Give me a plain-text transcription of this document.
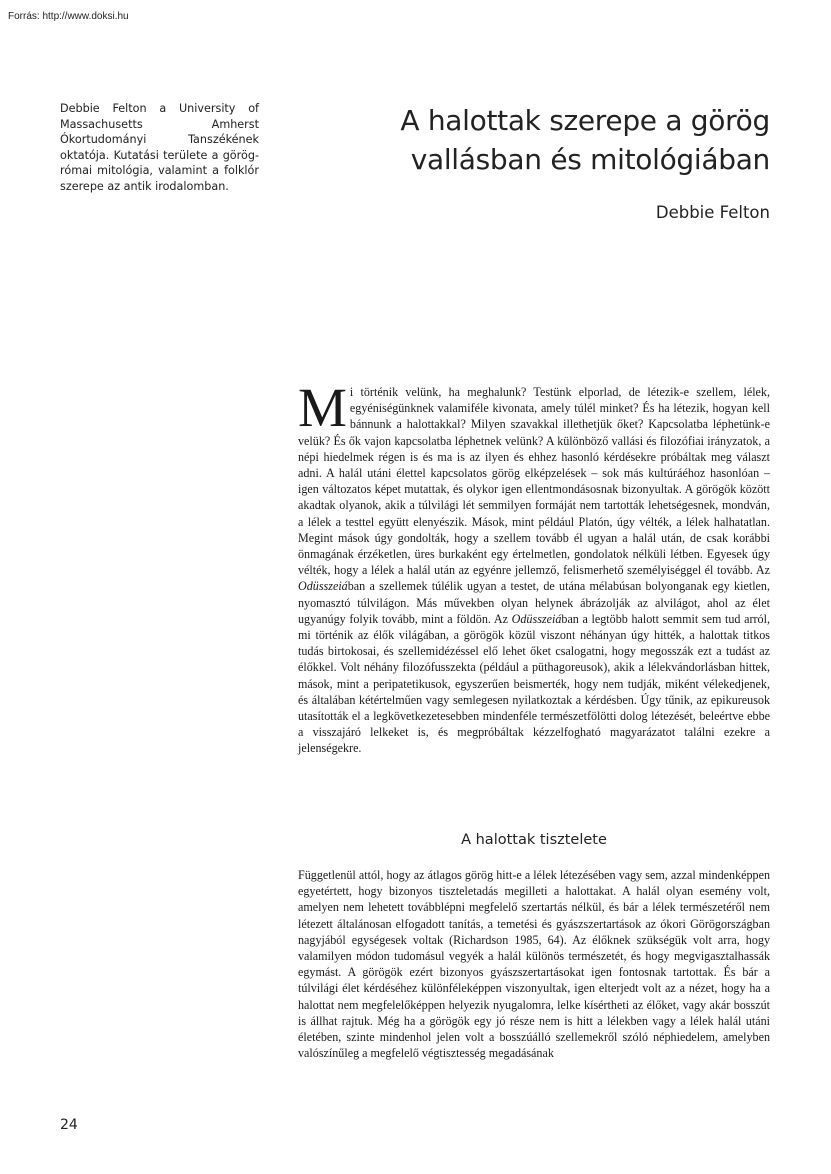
Forrás: http://www.doksi.hu
Debbie Felton a University of Massachusetts Amherst Ókortudományi Tanszékének oktatója. Kutatási területe a görög-római mitológia, valamint a folklór szerepe az antik irodalomban.
A halottak szerepe a görög
vallásban és mitológiában
Debbie Felton

Mi történik velünk, ha meghalunk? Testünk elporlad, de létezik-e szellem, lélek, egyéniségünknek valamiféle kivonata, amely túlél minket? És ha létezik, hogyan kell bánnunk a halottakkal? Milyen szavakkal illethetjük őket? Kapcsolatba léphetünk-e velük? És ők vajon kapcsolatba léphetnek velünk? A különböző vallási és filozófiai irányzatok, a népi hiedelmek régen is és ma is az ilyen és ehhez hasonló kérdésekre próbáltak meg választ adni. A halál utáni élettel kapcsolatos görög elképzelések – sok más kultúráéhoz hasonlóan – igen változatos képet mutattak, és olykor igen ellentmondásosnak bizonyultak. A görögök között akadtak olyanok, akik a túlvilági lét semmilyen formáját nem tartották lehetségesnek, mondván, a lélek a testtel együtt elenyészik. Mások, mint például Platón, úgy vélték, a lélek halhatatlan. Megint mások úgy gondolták, hogy a szellem tovább él ugyan a halál után, de csak korábbi önmagának érzéketlen, üres burkaként egy értelmetlen, gondolatok nélküli létben. Egyesek úgy vélték, hogy a lélek a halál után az egyénre jellemző, felismerhető személyiséggel él tovább. Az Odüsszeiában a szellemek túlélik ugyan a testet, de utána mélabúsan bolyonganak egy kietlen, nyomasztó túlvilágon. Más művekben olyan helynek ábrázolják az alvilágot, ahol az élet ugyanúgy folyik tovább, mint a földön. Az Odüsszeiában a legtöbb halott semmit sem tud arról, mi történik az élők világában, a görögök közül viszont néhányan úgy hitték, a halottak titkos tudás birtokosai, és szellemidézéssel elő lehet őket csalogatni, hogy megosszák ezt a tudást az élőkkel. Volt néhány filozófusszekta (például a püthagoreusok), akik a lélekvándorlásban hittek, mások, mint a peripatetikusok, egyszerűen beismerték, hogy nem tudják, miként vélekedjenek, és általában kétértelműen vagy semlegesen nyilatkoztak a kérdésben. Úgy tűnik, az epikureusok utasították el a legkövetkezetesebben mindenféle természetfölötti dolog létezését, beleértve ebbe a visszajáró lelkeket is, és megpróbáltak kézzelfogható magyarázatot találni ezekre a jelenségekre.

A halottak tisztelete

Függetlenül attól, hogy az átlagos görög hitt-e a lélek létezésében vagy sem, azzal mindenképpen egyetértett, hogy bizonyos tiszteletadás megilleti a halottakat. A halál olyan esemény volt, amelyen nem lehetett továbblépni megfelelő szertartás nélkül, és bár a lélek természetéről nem létezett általánosan elfogadott tanítás, a temetési és gyászszertartások az ókori Görögországban nagyjából egységesek voltak (Richardson 1985, 64). Az élőknek szükségük volt arra, hogy valamilyen módon tudomásul vegyék a halál különös természetét, és hogy megvigasztalhassák egymást. A görögök ezért bizonyos gyászszertartásokat igen fontosnak tartottak. És bár a túlvilági élet kérdéséhez különféleképpen viszonyultak, igen elterjedt volt az a nézet, hogy ha a halottat nem megfelelőképpen helyezik nyugalomra, lelke kísértheti az élőket, vagy akár bosszút is állhat rajtuk. Még ha a görögök egy jó része nem is hitt a lélekben vagy a lélek halál utáni életében, szinte mindenhol jelen volt a bosszúálló szellemekről szóló néphiedelem, amelyben valószínűleg a megfelelő végtisztesség megadásának

24
